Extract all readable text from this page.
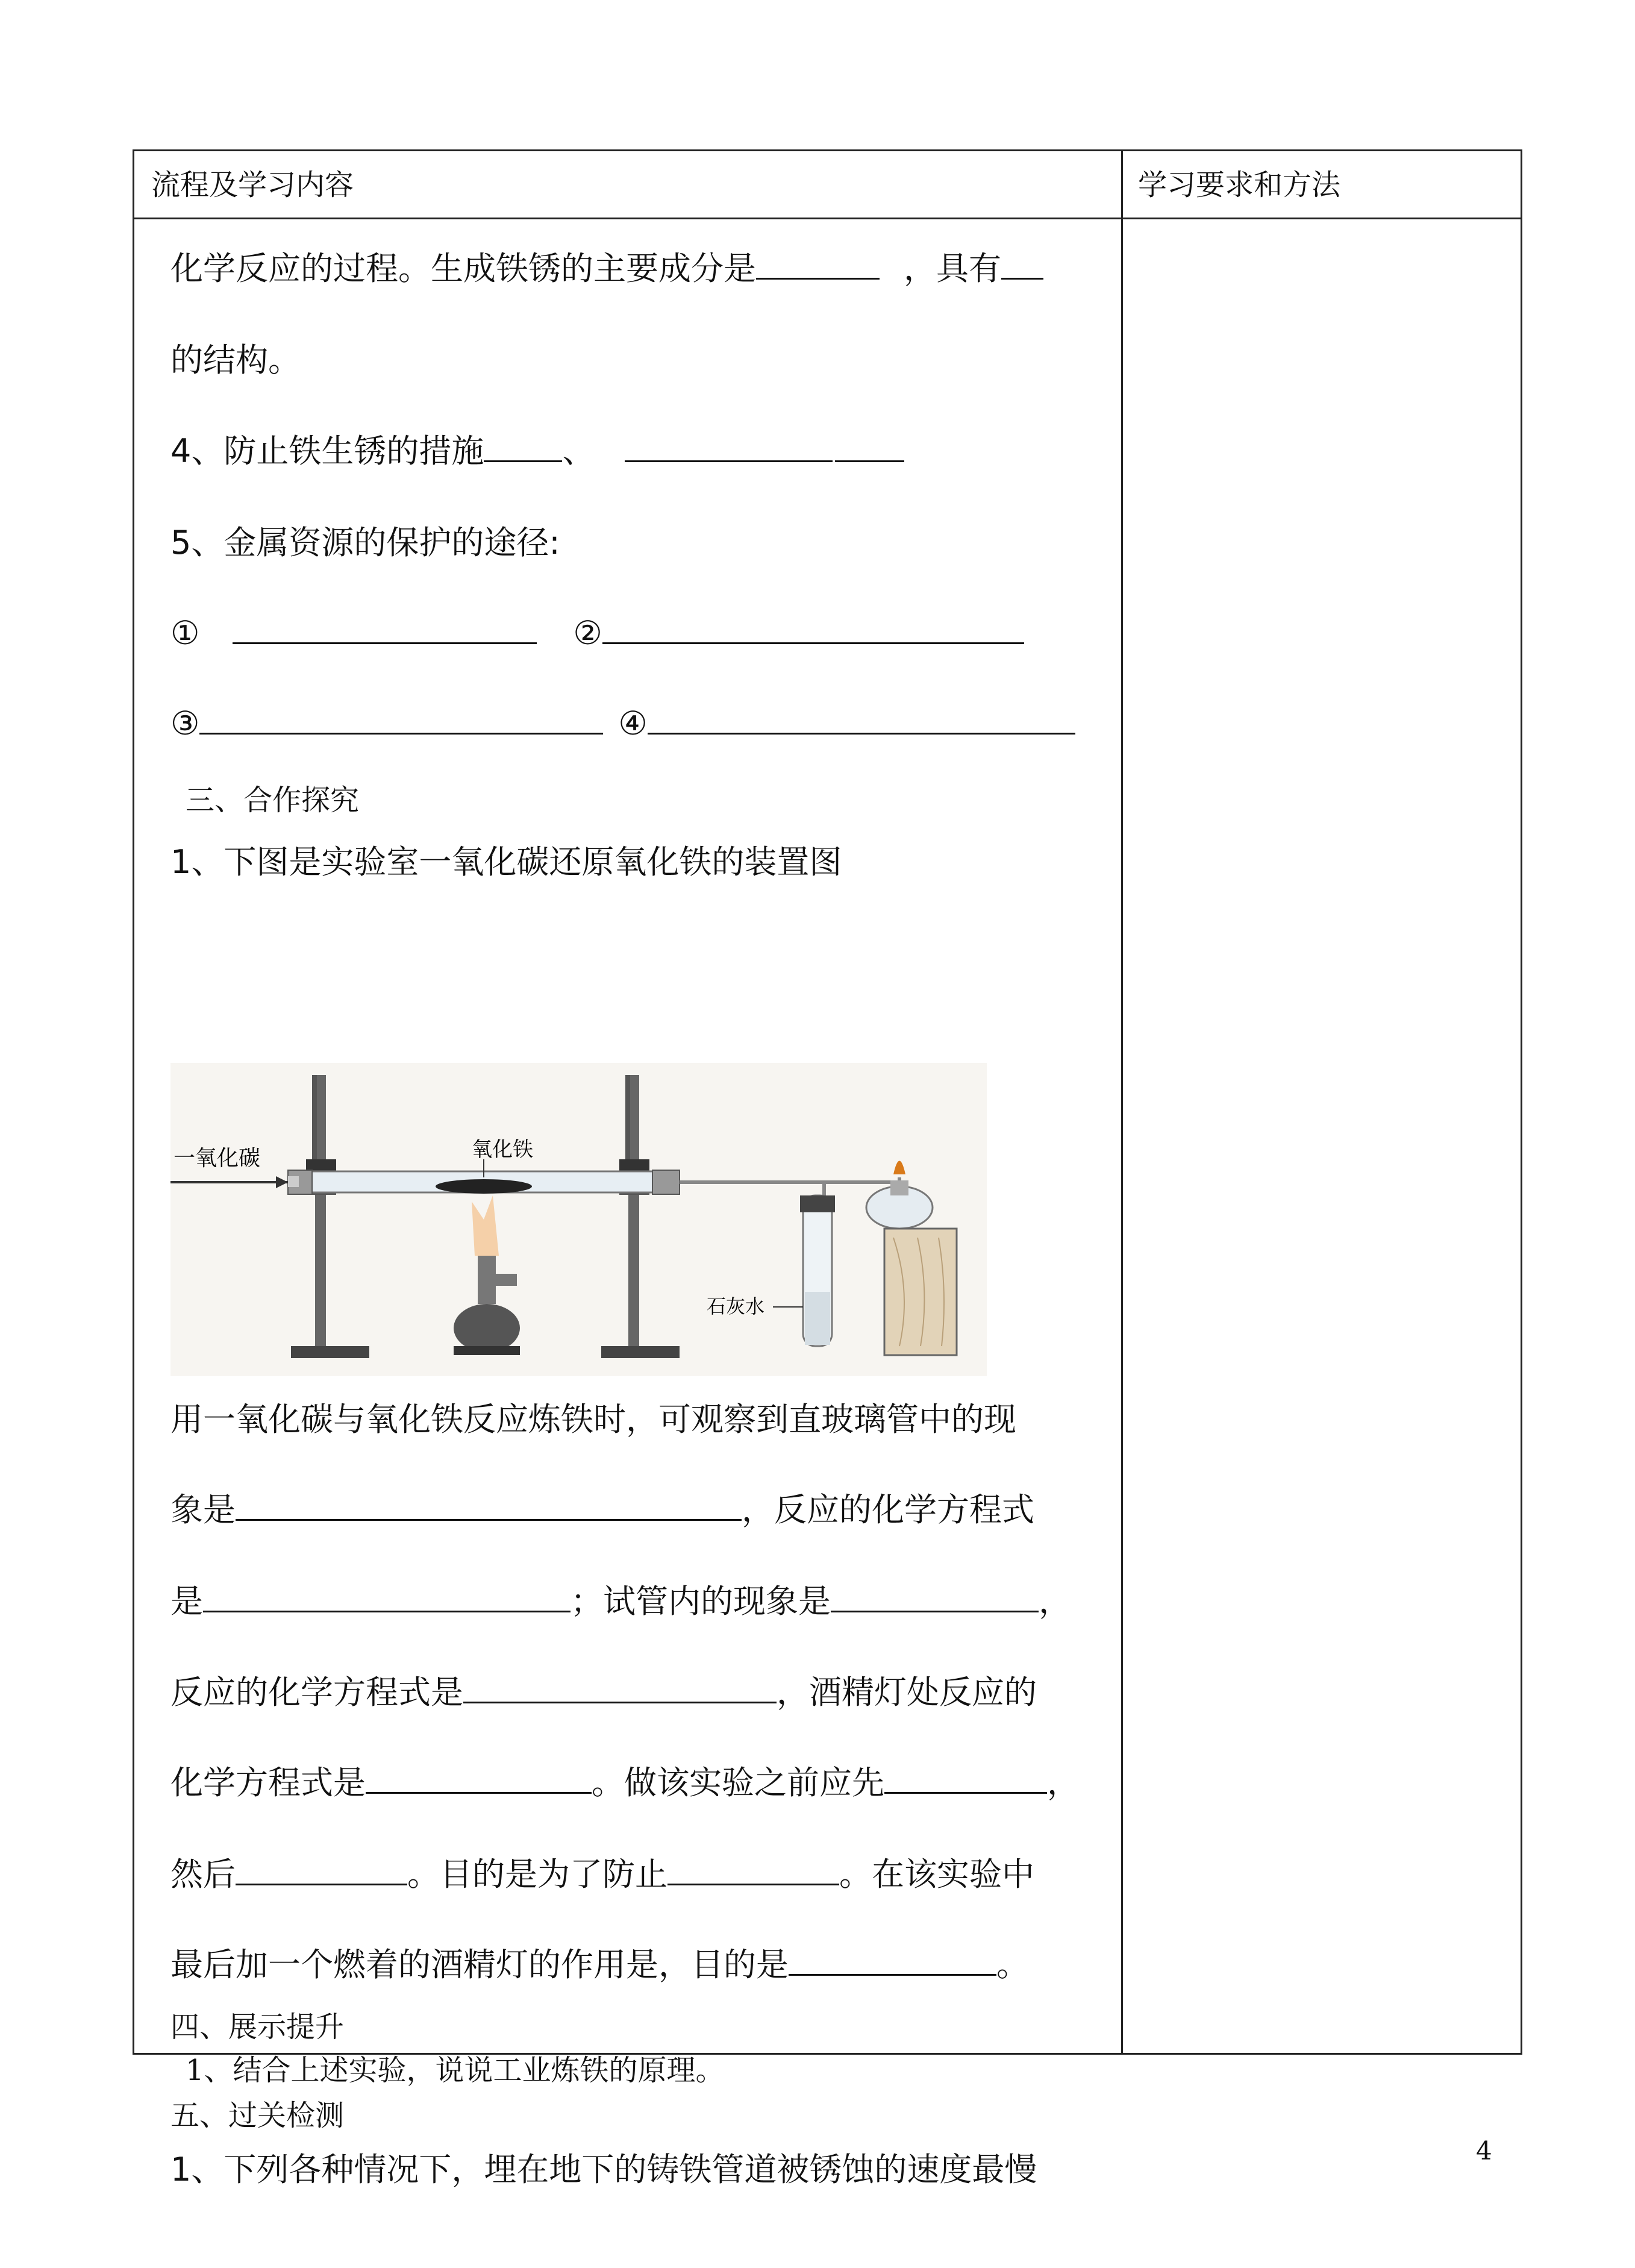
流程及学习内容	学习要求和方法
化学反应的过程。生成铁锈的主要成分是	，具有
的结构。
4、防止铁生锈的措施 、
5、金属资源的保护的途径:
①	②
③	④
三、合作探究
1、下图是实验室一氧化碳还原氧化铁的装置图
一氧化碳	氧化铁
石灰水
用一氧化碳与氧化铁反应炼铁时，可观察到直玻璃管中的现
象是	，反应的化学方程式
是	；试管内的现象是	，
反应的化学方程式是	，酒精灯处反应的
化学方程式是	。做该实验之前应先	，
然后	。目的是为了防止	。在该实验中
最后加一个燃着的酒精灯的作用是，目的是	。
四、展示提升
1、结合上述实验，说说工业炼铁的原理。
五、过关检测
1、下列各种情况下，埋在地下的铸铁管道被锈蚀的速度最慢	4
